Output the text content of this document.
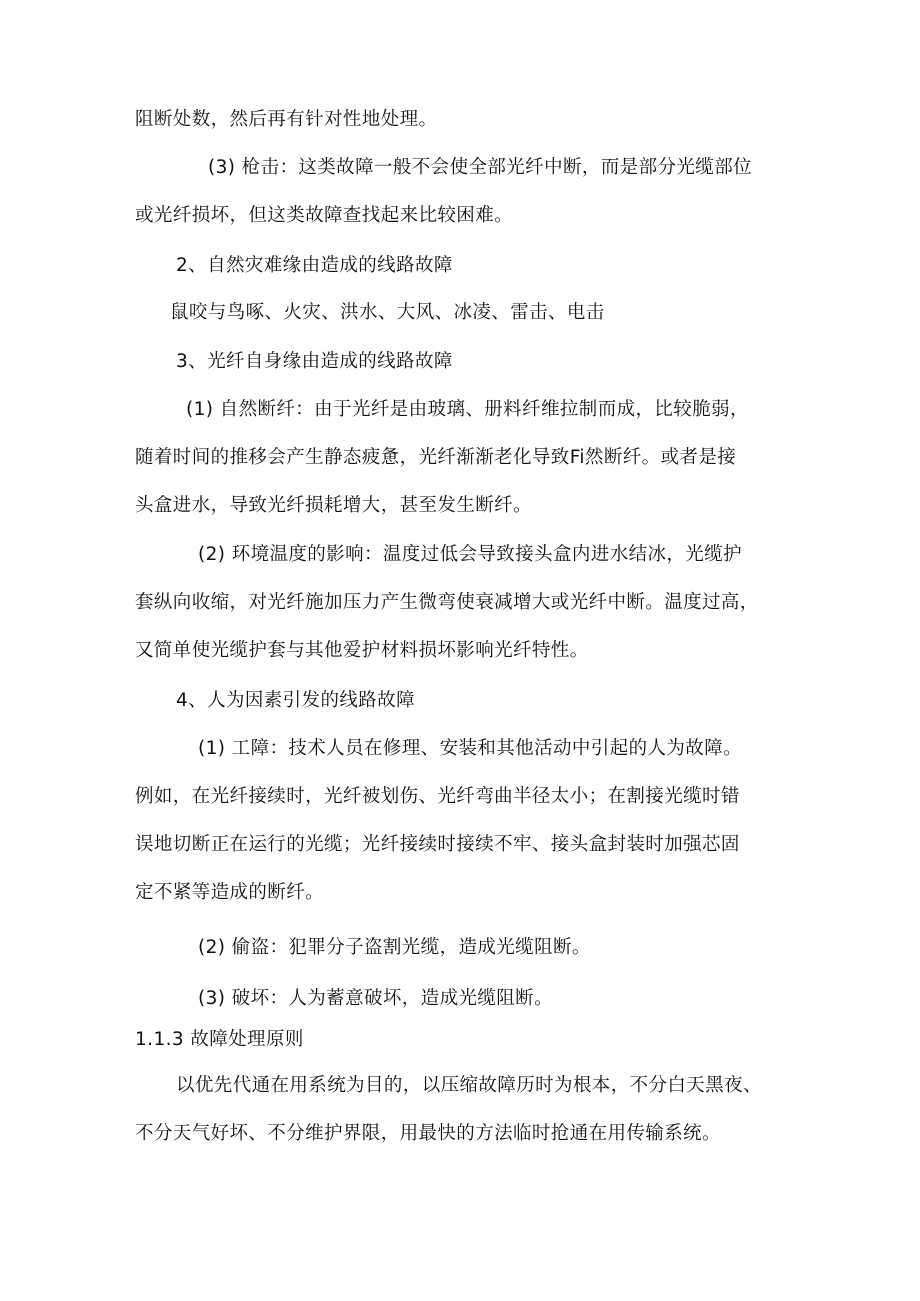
阻断处数，然后再有针对性地处理。
(3) 枪击：这类故障一般不会使全部光纤中断，而是部分光缆部位
或光纤损坏，但这类故障查找起来比较困难。
2、自然灾难缘由造成的线路故障
鼠咬与鸟啄、火灾、洪水、大风、冰凌、雷击、电击
3、光纤自身缘由造成的线路故障
(1) 自然断纤：由于光纤是由玻璃、册料纤维拉制而成，比较脆弱，
随着时间的推移会产生静态疲惫，光纤渐渐老化导致Fi然断纤。或者是接
头盒进水，导致光纤损耗增大，甚至发生断纤。
(2) 环境温度的影响：温度过低会导致接头盒内进水结冰，光缆护
套纵向收缩，对光纤施加压力产生微弯使衰减增大或光纤中断。温度过高，
又简单使光缆护套与其他爱护材料损坏影响光纤特性。
4、人为因素引发的线路故障
(1) 工障：技术人员在修理、安装和其他活动中引起的人为故障。
例如，在光纤接续时，光纤被划伤、光纤弯曲半径太小；在割接光缆时错
误地切断正在运行的光缆；光纤接续时接续不牢、接头盒封装时加强芯固
定不紧等造成的断纤。
(2) 偷盗：犯罪分子盗割光缆，造成光缆阻断。
(3) 破坏：人为蓄意破坏，造成光缆阻断。
1.1.3 故障处理原则
以优先代通在用系统为目的，以压缩故障历时为根本，不分白天黑夜、
不分天气好坏、不分维护界限，用最快的方法临时抢通在用传输系统。
